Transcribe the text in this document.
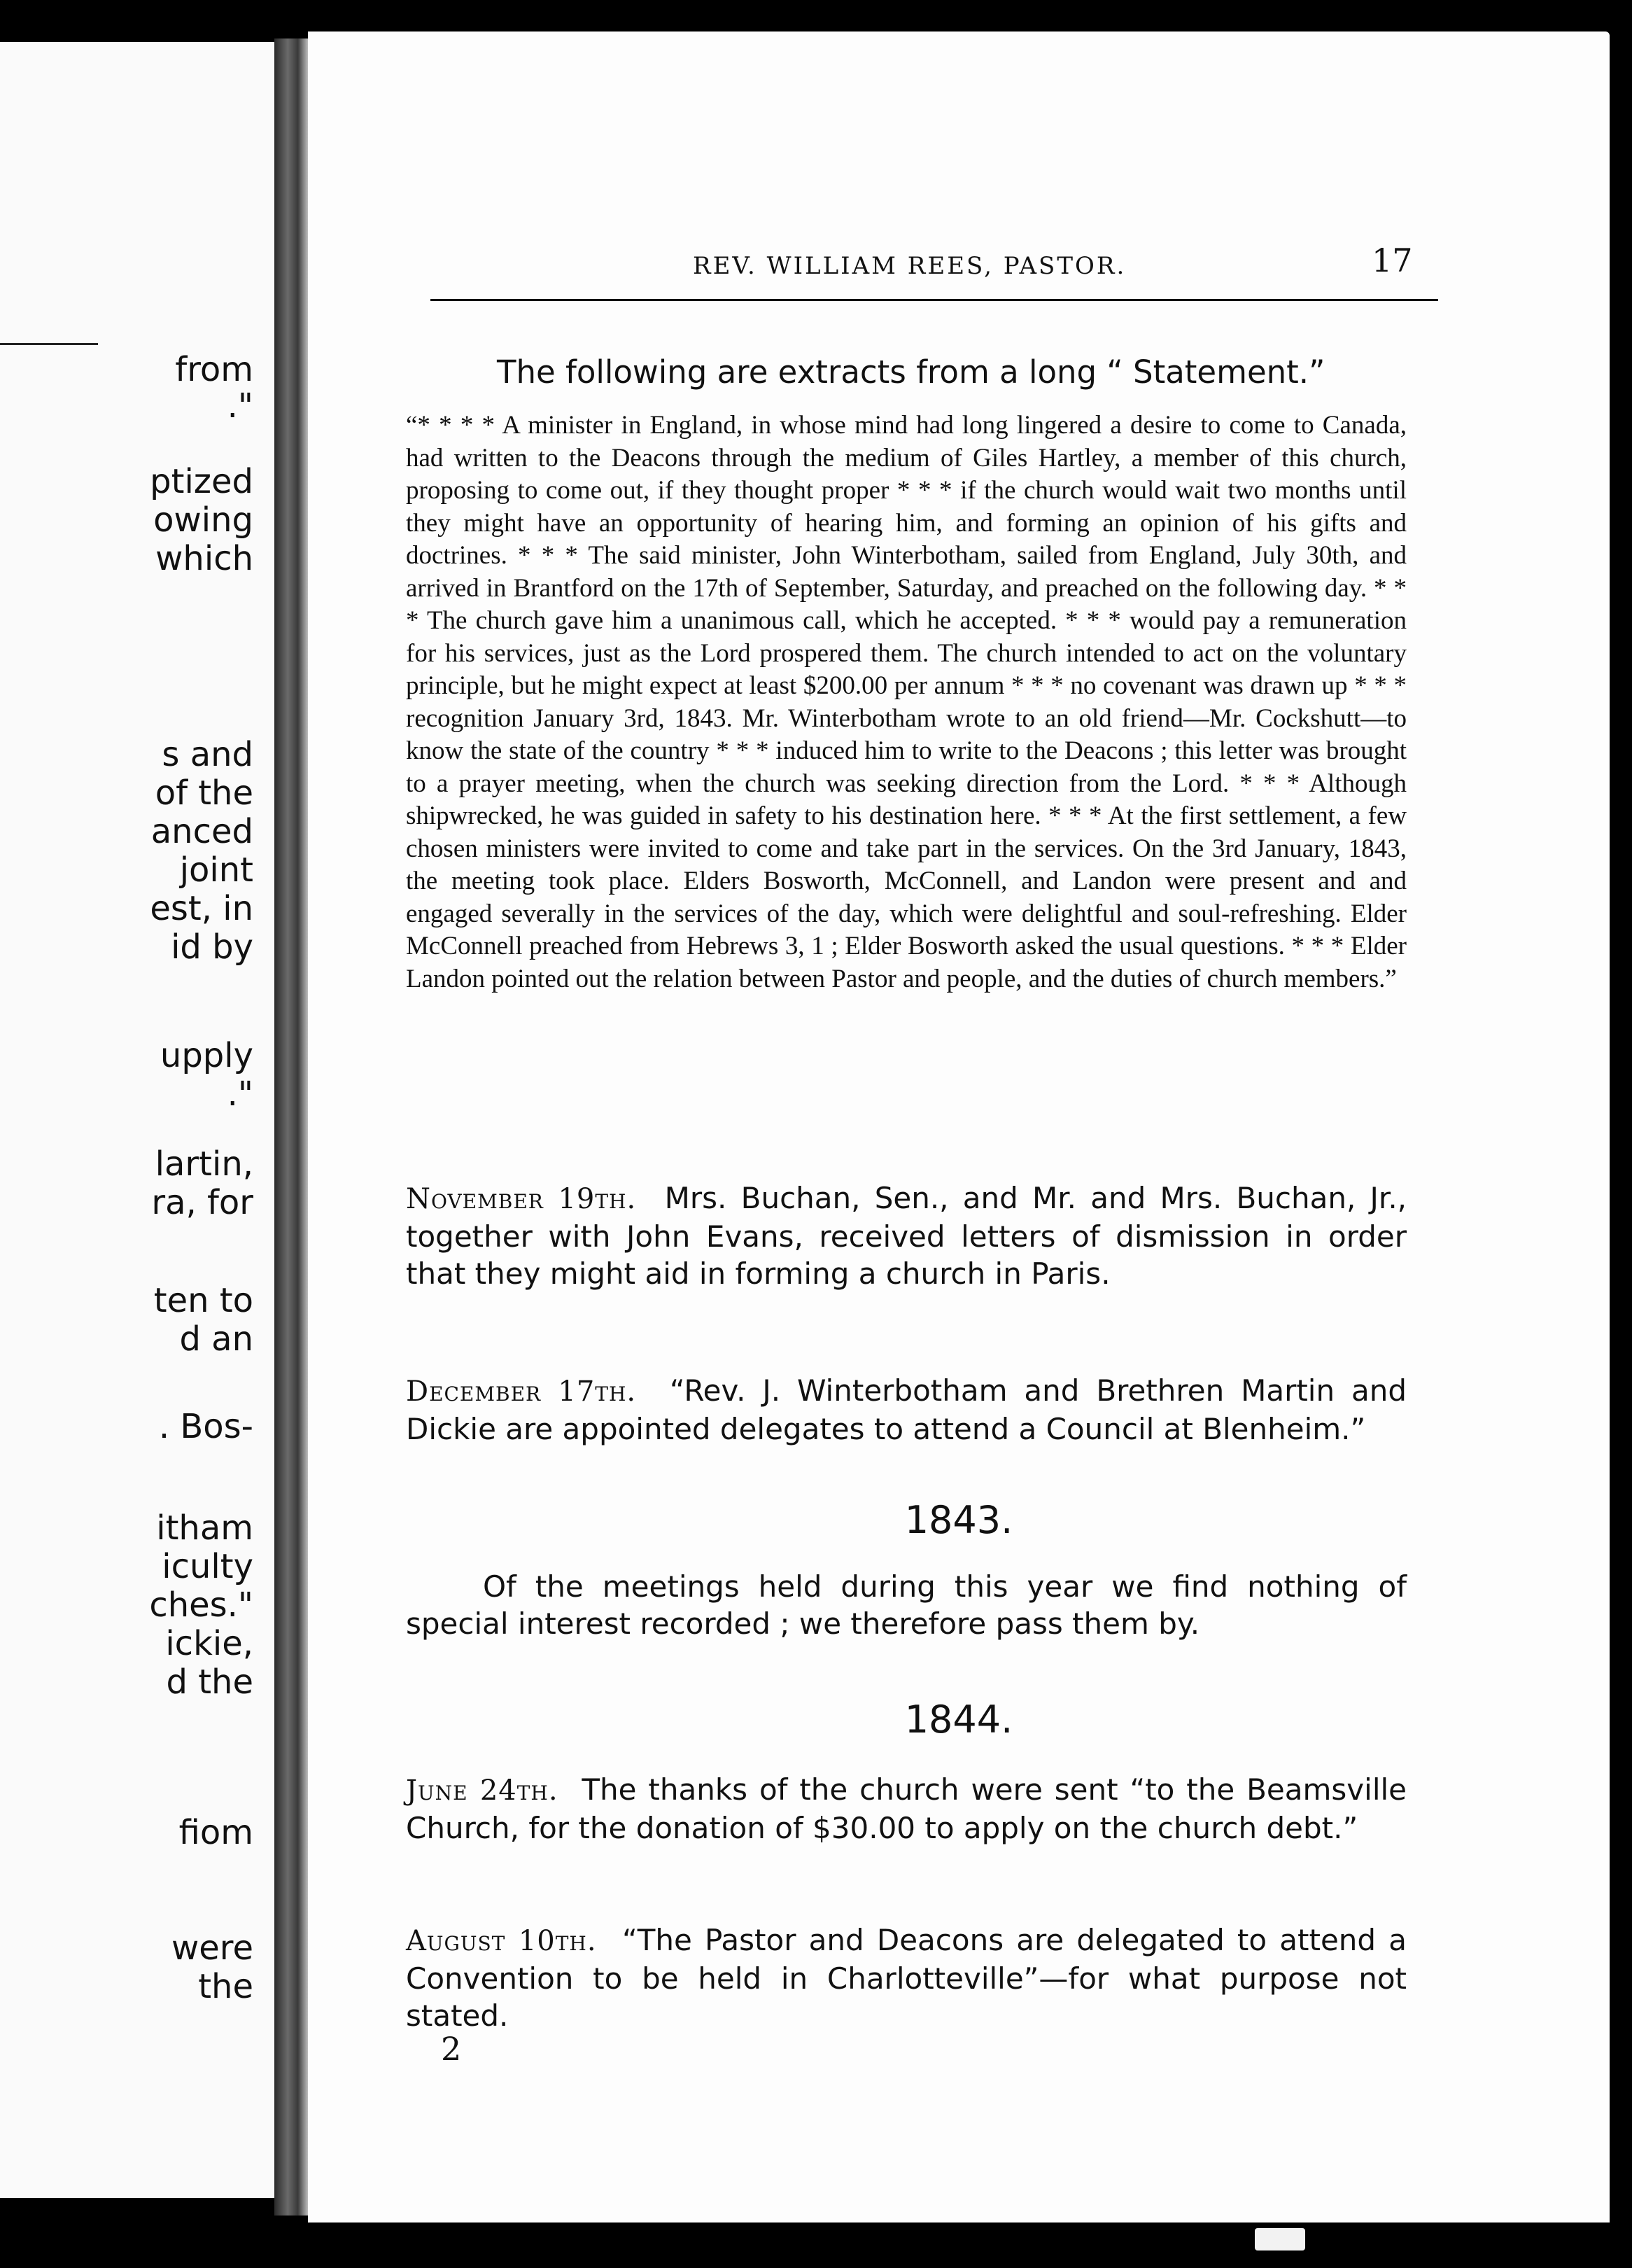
from

."

ptized

owing

which

s and

of the

anced

joint

est, in

id by

upply

."

lartin,

ra, for

ten to

d an

. Bos-

itham

iculty

ches."

ickie,

d the

fiom

were

the

REV. WILLIAM REES, PASTOR.	17

The following are extracts from a long “ Statement.”

“* * * * A minister in England, in whose mind had long lingered a desire to come to Canada, had written to the Deacons through the medium of Giles Hartley, a member of this church, proposing to come out, if they thought proper * * * if the church would wait two months until they might have an opportunity of hearing him, and forming an opinion of his gifts and doctrines. * * * The said minister, John Winterbotham, sailed from England, July 30th, and arrived in Brantford on the 17th of September, Saturday, and preached on the following day. * * * The church gave him a unanimous call, which he accepted. * * * would pay a remuneration for his services, just as the Lord prospered them. The church intended to act on the voluntary principle, but he might expect at least $200.00 per annum * * * no covenant was drawn up * * * recognition January 3rd, 1843. Mr. Winterbotham wrote to an old friend—Mr. Cockshutt—to know the state of the country * * * induced him to write to the Deacons ; this letter was brought to a prayer meeting, when the church was seeking direction from the Lord. * * * Although shipwrecked, he was guided in safety to his destination here. * * * At the first settlement, a few chosen ministers were invited to come and take part in the services. On the 3rd January, 1843, the meeting took place. Elders Bosworth, McConnell, and Landon were present and and engaged severally in the services of the day, which were delightful and soul-refreshing. Elder McConnell preached from Hebrews 3, 1 ; Elder Bosworth asked the usual questions. * * * Elder Landon pointed out the relation between Pastor and people, and the duties of church members.”

November 19th. Mrs. Buchan, Sen., and Mr. and Mrs. Buchan, Jr., together with John Evans, received letters of dismission in order that they might aid in forming a church in Paris.

December 17th. “Rev. J. Winterbotham and Brethren Martin and Dickie are appointed delegates to attend a Council at Blenheim.”

1843.

Of the meetings held during this year we find nothing of special interest recorded ; we therefore pass them by.

1844.

June 24th. The thanks of the church were sent “to the Beamsville Church, for the donation of $30.00 to apply on the church debt.”

August 10th. “The Pastor and Deacons are delegated to attend a Convention to be held in Charlotteville”—for what purpose not stated.

2
